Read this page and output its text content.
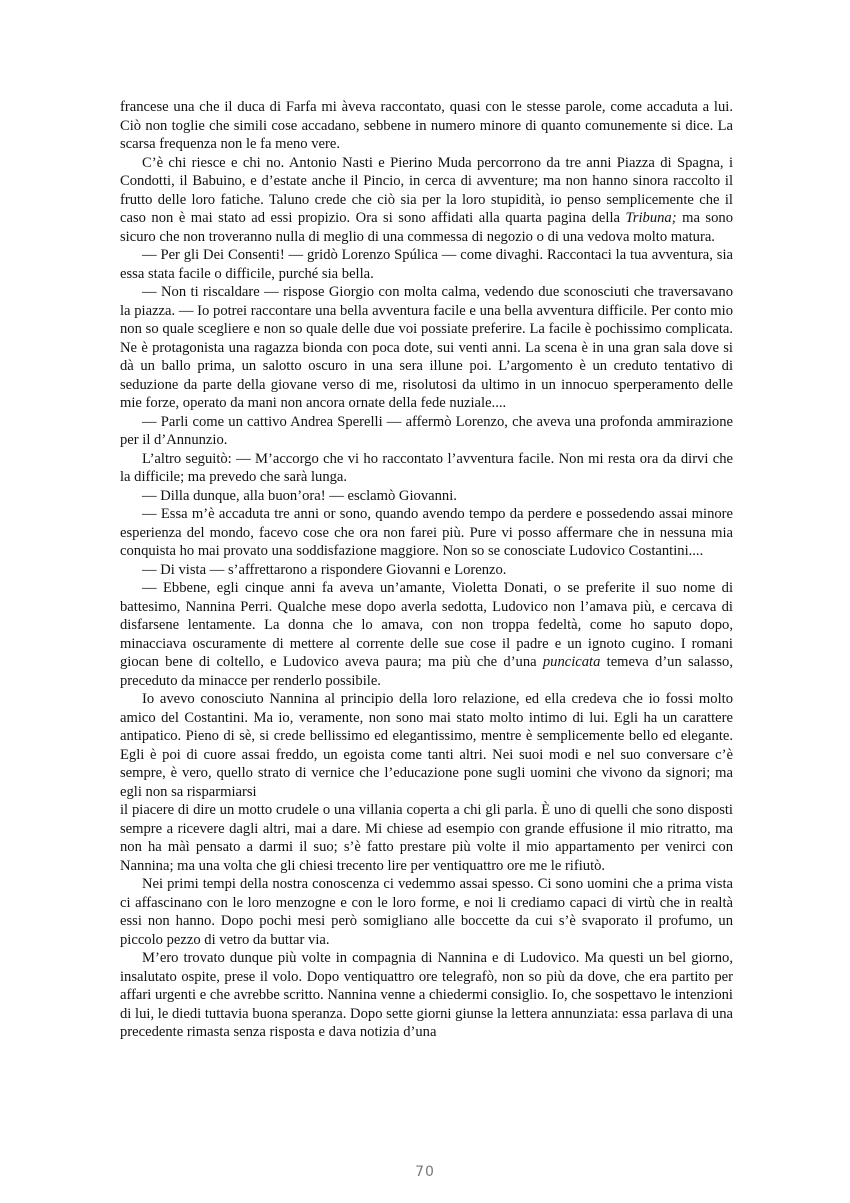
francese una che il duca di Farfa mi àveva raccontato, quasi con le stesse parole, come accaduta a lui. Ciò non toglie che simili cose accadano, sebbene in numero minore di quanto comunemente si dice. La scarsa frequenza non le fa meno vere.

C’è chi riesce e chi no. Antonio Nasti e Pierino Muda percorrono da tre anni Piazza di Spagna, i Condotti, il Babuino, e d’estate anche il Pincio, in cerca di avventure; ma non hanno sinora raccolto il frutto delle loro fatiche. Taluno crede che ciò sia per la loro stupidità, io penso semplicemente che il caso non è mai stato ad essi propizio. Ora si sono affidati alla quarta pagina della Tribuna; ma sono sicuro che non troveranno nulla di meglio di una commessa di negozio o di una vedova molto matura.

— Per gli Dei Consenti! — gridò Lorenzo Spúlica — come divaghi. Raccontaci la tua avventura, sia essa stata facile o difficile, purché sia bella.

— Non ti riscaldare — rispose Giorgio con molta calma, vedendo due sconosciuti che traversavano la piazza. — Io potrei raccontare una bella avventura facile e una bella avventura difficile. Per conto mio non so quale scegliere e non so quale delle due voi possiate preferire. La facile è pochissimo complicata. Ne è protagonista una ragazza bionda con poca dote, sui venti anni. La scena è in una gran sala dove si dà un ballo prima, un salotto oscuro in una sera illune poi. L’argomento è un creduto tentativo di seduzione da parte della giovane verso di me, risolutosi da ultimo in un innocuo sperperamento delle mie forze, operato da mani non ancora ornate della fede nuziale....

— Parli come un cattivo Andrea Sperelli — affermò Lorenzo, che aveva una profonda ammirazione per il d’Annunzio.

L’altro seguitò: — M’accorgo che vi ho raccontato l’avventura facile. Non mi resta ora da dirvi che la difficile; ma prevedo che sarà lunga.

— Dilla dunque, alla buon’ora! — esclamò Giovanni.

— Essa m’è accaduta tre anni or sono, quando avendo tempo da perdere e possedendo assai minore esperienza del mondo, facevo cose che ora non farei più. Pure vi posso affermare che in nessuna mia conquista ho mai provato una soddisfazione maggiore. Non so se conosciate Ludovico Costantini....

— Di vista — s’affrettarono a rispondere Giovanni e Lorenzo.

— Ebbene, egli cinque anni fa aveva un’amante, Violetta Donati, o se preferite il suo nome di battesimo, Nannina Perri. Qualche mese dopo averla sedotta, Ludovico non l’amava più, e cercava di disfarsene lentamente. La donna che lo amava, con non troppa fedeltà, come ho saputo dopo, minacciava oscuramente di mettere al corrente delle sue cose il padre e un ignoto cugino. I romani giocan bene di coltello, e Ludovico aveva paura; ma più che d’una puncicata temeva d’un salasso, preceduto da minacce per renderlo possibile.

Io avevo conosciuto Nannina al principio della loro relazione, ed ella credeva che io fossi molto amico del Costantini. Ma io, veramente, non sono mai stato molto intimo di lui. Egli ha un carattere antipatico. Pieno di sè, si crede bellissimo ed elegantissimo, mentre è semplicemente bello ed elegante. Egli è poi di cuore assai freddo, un egoista come tanti altri. Nei suoi modi e nel suo conversare c’è sempre, è vero, quello strato di vernice che l’educazione pone sugli uomini che vivono da signori; ma egli non sa risparmiarsi

il piacere di dire un motto crudele o una villania coperta a chi gli parla. È uno di quelli che sono disposti sempre a ricevere dagli altri, mai a dare. Mi chiese ad esempio con grande effusione il mio ritratto, ma non ha màì pensato a darmi il suo; s’è fatto prestare più volte il mio appartamento per venirci con Nannina; ma una volta che gli chiesi trecento lire per ventiquattro ore me le rifiutò.

Nei primi tempi della nostra conoscenza ci vedemmo assai spesso. Ci sono uomini che a prima vista ci affascinano con le loro menzogne e con le loro forme, e noi li crediamo capaci di virtù che in realtà essi non hanno. Dopo pochi mesi però somigliano alle boccette da cui s’è svaporato il profumo, un piccolo pezzo di vetro da buttar via.

M’ero trovato dunque più volte in compagnia di Nannina e di Ludovico. Ma questi un bel giorno, insalutato ospite, prese il volo. Dopo ventiquattro ore telegrafò, non so più da dove, che era partito per affari urgenti e che avrebbe scritto. Nannina venne a chiedermi consiglio. Io, che sospettavo le intenzioni di lui, le diedi tuttavia buona speranza. Dopo sette giorni giunse la lettera annunziata: essa parlava di una precedente rimasta senza risposta e dava notizia d’una

70
